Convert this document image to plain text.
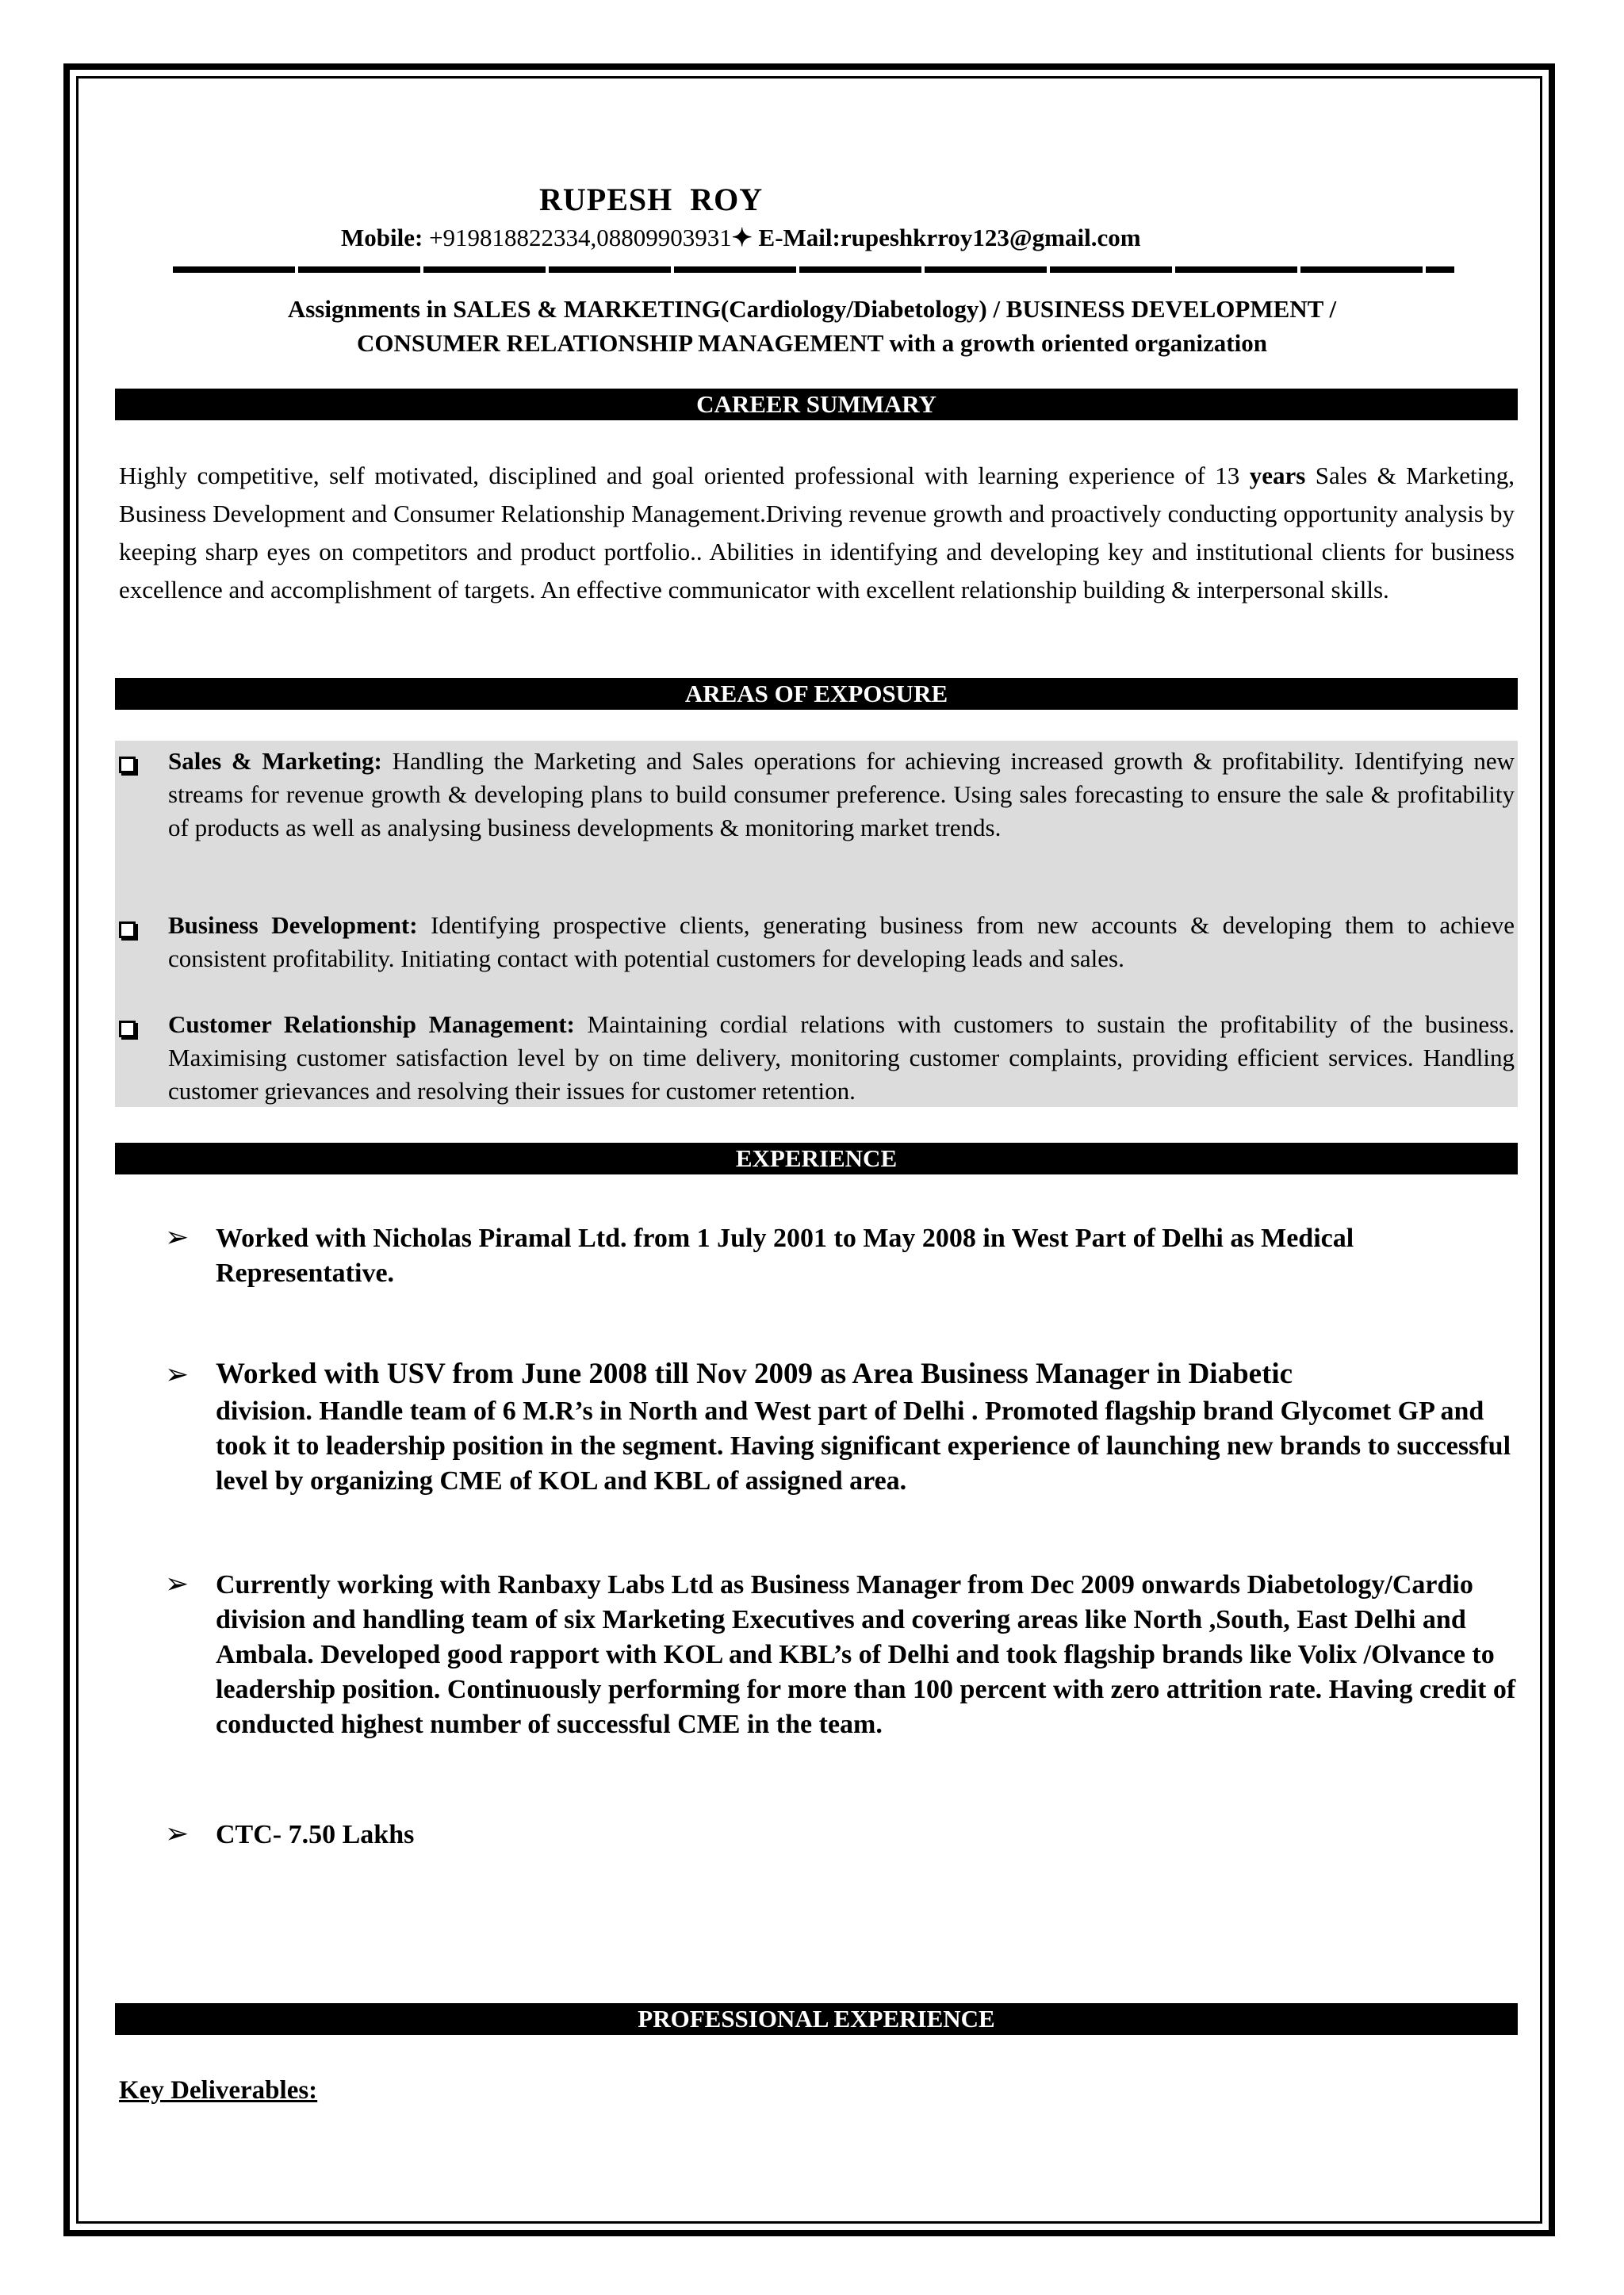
RUPESH  ROY
Mobile: +919818822334,08809903931✦ E-Mail:rupeshkrroy123@gmail.com
Assignments in SALES & MARKETING(Cardiology/Diabetology) / BUSINESS DEVELOPMENT /
CONSUMER RELATIONSHIP MANAGEMENT with a growth oriented organization
CAREER SUMMARY
Highly competitive, self motivated, disciplined and goal oriented professional with learning experience of 13 years Sales & Marketing, Business Development and Consumer Relationship Management.Driving revenue growth and proactively conducting opportunity analysis by keeping sharp eyes on competitors and product portfolio.. Abilities in identifying and developing key and institutional clients for business excellence and accomplishment of targets. An effective communicator with excellent relationship building & interpersonal skills.
AREAS OF EXPOSURE
Sales & Marketing: Handling the Marketing and Sales operations for achieving increased growth & profitability. Identifying new streams for revenue growth & developing plans to build consumer preference. Using sales forecasting to ensure the sale & profitability of products as well as analysing business developments & monitoring market trends.
Business Development: Identifying prospective clients, generating business from new accounts & developing them to achieve consistent profitability. Initiating contact with potential customers for developing leads and sales.
Customer Relationship Management: Maintaining cordial relations with customers to sustain the profitability of the business. Maximising customer satisfaction level by on time delivery, monitoring customer complaints, providing efficient services. Handling customer grievances and resolving their issues for customer retention.
EXPERIENCE
➢ Worked with Nicholas Piramal Ltd. from 1 July 2001 to May 2008 in West Part of Delhi as Medical Representative.
➢ Worked with USV from June 2008 till Nov 2009 as Area Business Manager in Diabetic
division. Handle team of 6 M.R’s in North and West part of Delhi . Promoted flagship brand Glycomet GP and took it to leadership position in the segment. Having significant experience of launching new brands to successful level by organizing CME of KOL and KBL of assigned area.
➢ Currently working with Ranbaxy Labs Ltd as Business Manager from Dec 2009 onwards Diabetology/Cardio division and handling team of six Marketing Executives and covering areas like North ,South, East Delhi and Ambala. Developed good rapport with KOL and KBL’s of Delhi and took flagship brands like Volix /Olvance to leadership position. Continuously performing for more than 100 percent with zero attrition rate. Having credit of conducted highest number of successful CME in the team.
➢ CTC- 7.50 Lakhs
PROFESSIONAL EXPERIENCE
Key Deliverables:
